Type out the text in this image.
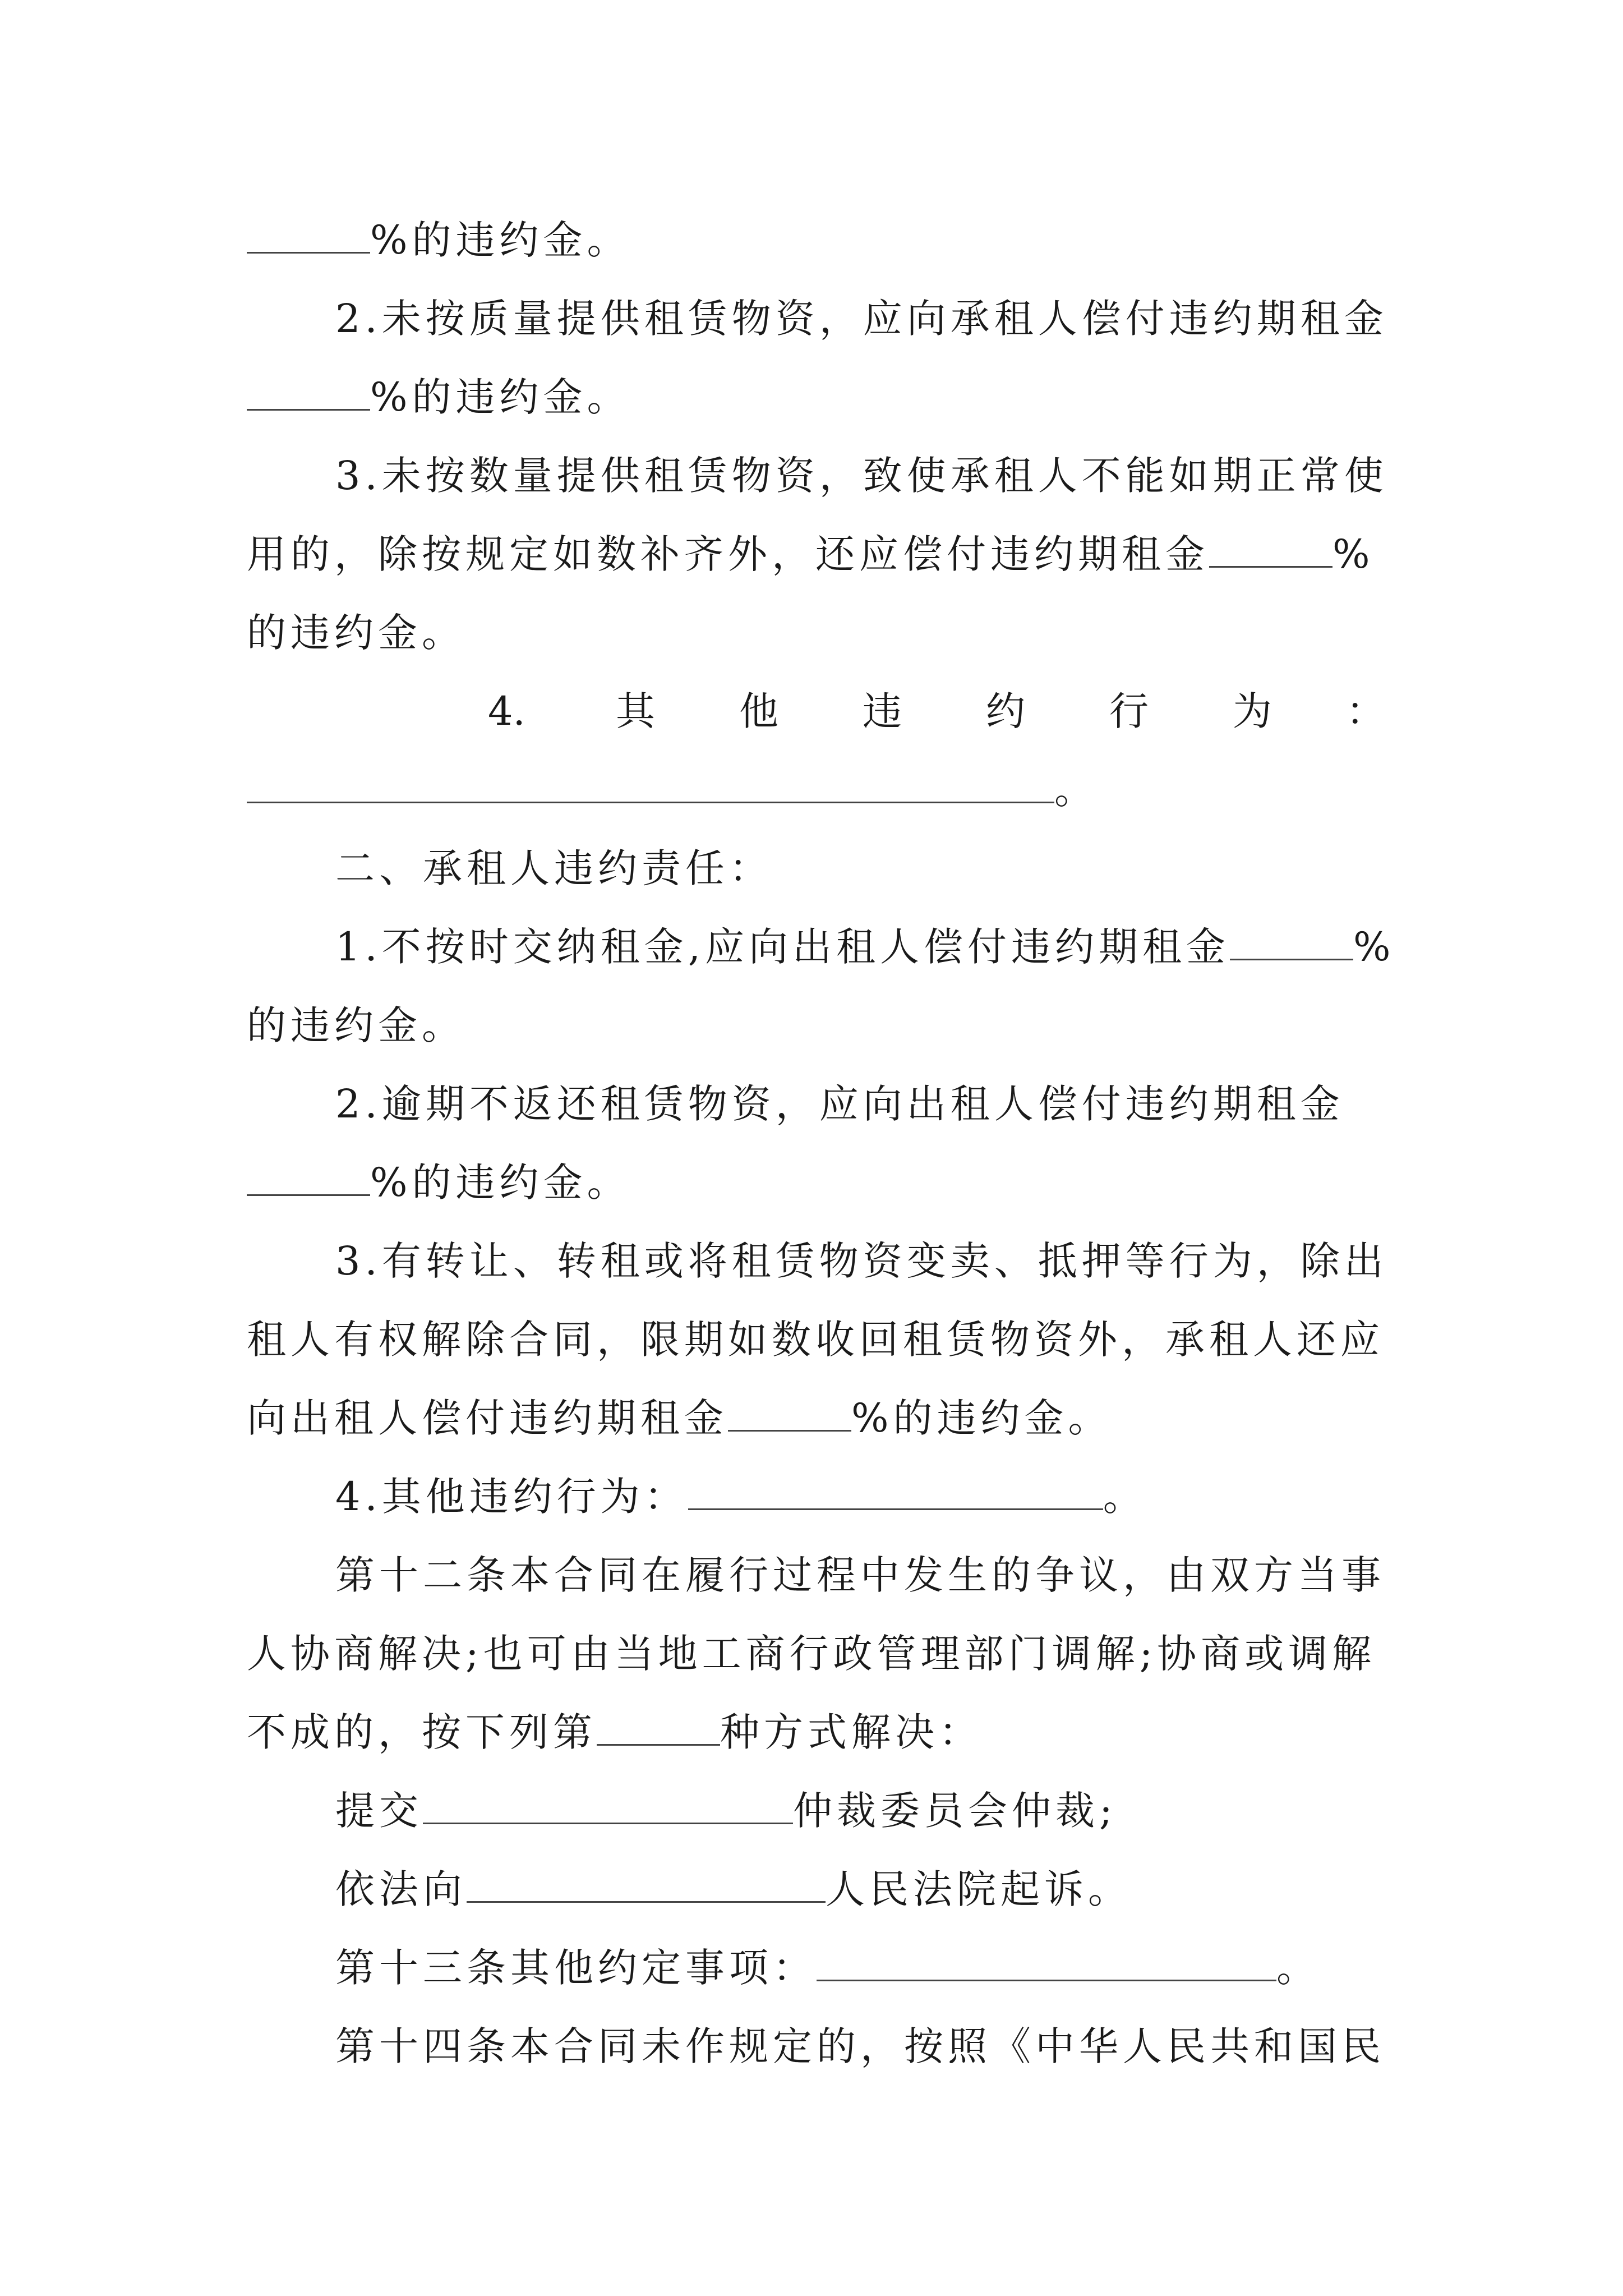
%的违约金。
2.未按质量提供租赁物资，应向承租人偿付违约期租金
%的违约金。
3.未按数量提供租赁物资，致使承租人不能如期正常使
用的，除按规定如数补齐外，还应偿付违约期租金	%
的违约金。
4. 其 他 违 约 行 为 ：
。
二、承租人违约责任：
1.不按时交纳租金,应向出租人偿付违约期租金	%
的违约金。
2.逾期不返还租赁物资，应向出租人偿付违约期租金
%的违约金。
3.有转让、转租或将租赁物资变卖、抵押等行为，除出
租人有权解除合同，限期如数收回租赁物资外，承租人还应
向出租人偿付违约期租金	%的违约金。
4.其他违约行为：	。
第十二条本合同在履行过程中发生的争议，由双方当事
人协商解决;也可由当地工商行政管理部门调解;协商或调解
不成的，按下列第	种方式解决：
提交	仲裁委员会仲裁;
依法向	人民法院起诉。
第十三条其他约定事项：	。
第十四条本合同未作规定的，按照《中华人民共和国民
